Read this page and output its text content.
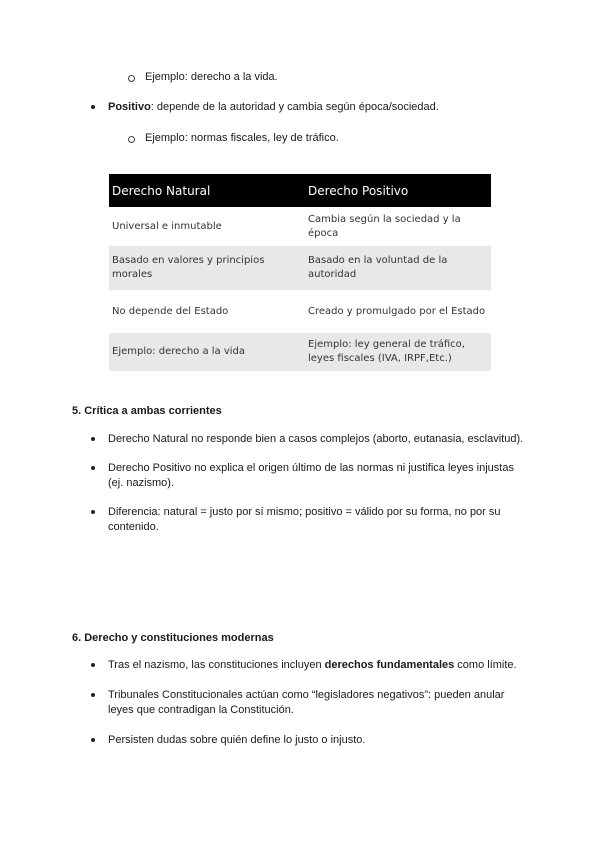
Ejemplo: derecho a la vida.
Positivo: depende de la autoridad y cambia según época/sociedad.
Ejemplo: normas fiscales, ley de tráfico.
Derecho Natural	Derecho Positivo
Universal e inmutable	Cambia según la sociedad y la época
Basado en valores y principios morales	Basado en la voluntad de la autoridad
No depende del Estado	Creado y promulgado por el Estado
Ejemplo: derecho a la vida	Ejemplo: ley general de tráfico, leyes fiscales (IVA, IRPF,Etc.)
5. Crítica a ambas corrientes
Derecho Natural no responde bien a casos complejos (aborto, eutanasia, esclavitud).
Derecho Positivo no explica el origen último de las normas ni justifica leyes injustas (ej. nazismo).
Diferencia: natural = justo por sí mismo; positivo = válido por su forma, no por su contenido.
6. Derecho y constituciones modernas
Tras el nazismo, las constituciones incluyen derechos fundamentales como límite.
Tribunales Constitucionales actúan como “legisladores negativos”: pueden anular leyes que contradigan la Constitución.
Persisten dudas sobre quién define lo justo o injusto.
